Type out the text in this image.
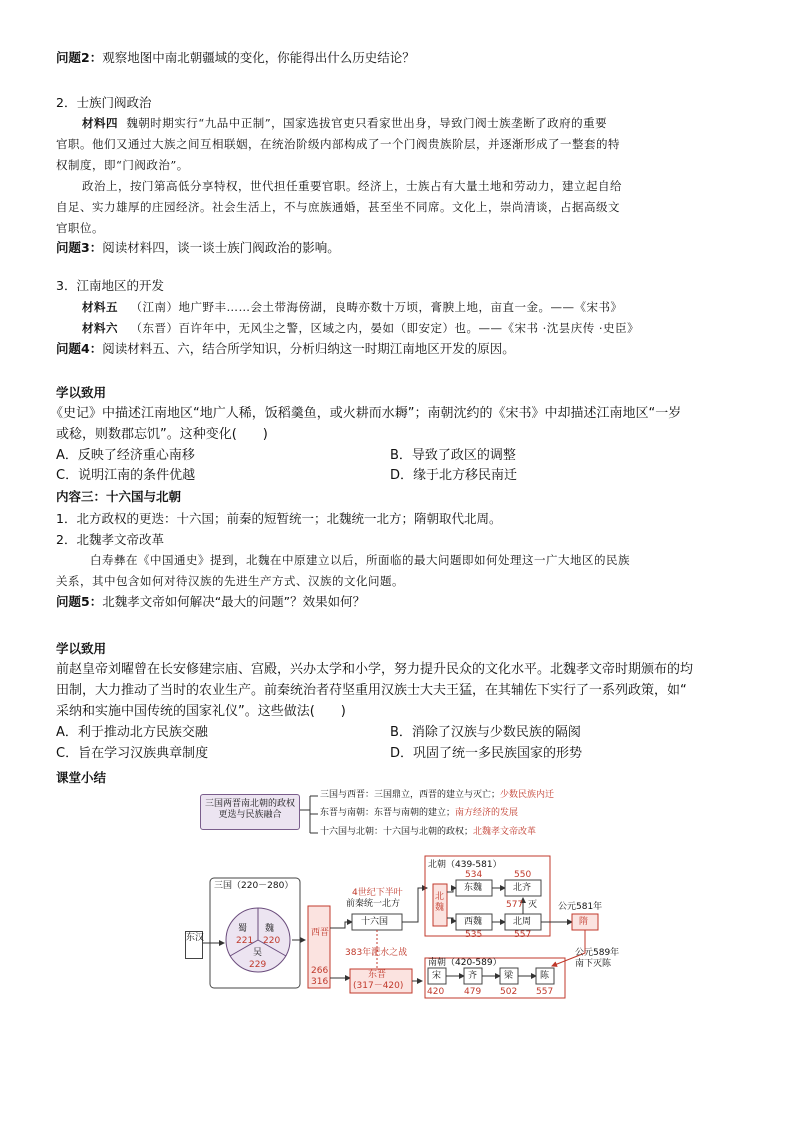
问题2：观察地图中南北朝疆域的变化，你能得出什么历史结论？
2．士族门阀政治
材料四 魏朝时期实行“九品中正制”，国家选拔官吏只看家世出身，导致门阀士族垄断了政府的重要
官职。他们又通过大族之间互相联姻，在统治阶级内部构成了一个门阀贵族阶层，并逐渐形成了一整套的特
权制度，即“门阀政治”。
政治上，按门第高低分享特权，世代担任重要官职。经济上，士族占有大量土地和劳动力，建立起自给
自足、实力雄厚的庄园经济。社会生活上，不与庶族通婚，甚至坐不同席。文化上，崇尚清谈，占据高级文
官职位。
问题3：阅读材料四，谈一谈士族门阀政治的影响。
3．江南地区的开发
材料五 （江南）地广野丰……会土带海傍湖，良畴亦数十万顷，膏腴上地，亩直一金。——《宋书》
材料六 （东晋）百许年中，无风尘之警，区域之内，晏如（即安定）也。——《宋书 ·沈昙庆传 ·史臣》
问题4：阅读材料五、六，结合所学知识，分析归纳这一时期江南地区开发的原因。
学以致用
《史记》中描述江南地区“地广人稀，饭稻羹鱼，或火耕而水耨”；南朝沈约的《宋书》中却描述江南地区“一岁
或稔，则数郡忘饥”。这种变化(　　)
A．反映了经济重心南移	B．导致了政区的调整
C．说明江南的条件优越	D．缘于北方移民南迁
内容三：十六国与北朝
1．北方政权的更迭：十六国；前秦的短暂统一；北魏统一北方；隋朝取代北周。
2．北魏孝文帝改革
白寿彝在《中国通史》提到，北魏在中原建立以后，所面临的最大问题即如何处理这一广大地区的民族
关系，其中包含如何对待汉族的先进生产方式、汉族的文化问题。
问题5：北魏孝文帝如何解决“最大的问题”？效果如何？
学以致用
前赵皇帝刘曜曾在长安修建宗庙、宫殿，兴办太学和小学，努力提升民众的文化水平。北魏孝文帝时期颁布的均
田制，大力推动了当时的农业生产。前秦统治者苻坚重用汉族士大夫王猛，在其辅佐下实行了一系列政策，如“
采纳和实施中国传统的国家礼仪”。这些做法(　　)
A．利于推动北方民族交融	B．消除了汉族与少数民族的隔阂
C．旨在学习汉族典章制度	D．巩固了统一多民族国家的形势
课堂小结
三国两晋南北朝的政权
更迭与民族融合
三国与西晋：三国鼎立，西晋的建立与灭亡；少数民族内迁
东晋与南朝：东晋与南朝的建立；南方经济的发展
十六国与北朝：十六国与北朝的政权；北魏孝文帝改革
三国（220－280）
东汉
蜀
221
魏
220
吴
229
西晋
266
316
4世纪下半叶
前秦统一北方
十六国
383年淝水之战
东晋
(317－420)
北朝（439-581）
北魏
534
东魏
550
北齐
西魏
535
北周
557
577 灭 公元581年
隋
南朝（420-589）
宋
420
齐
479
梁
502
陈
557
公元589年
南下灭陈
